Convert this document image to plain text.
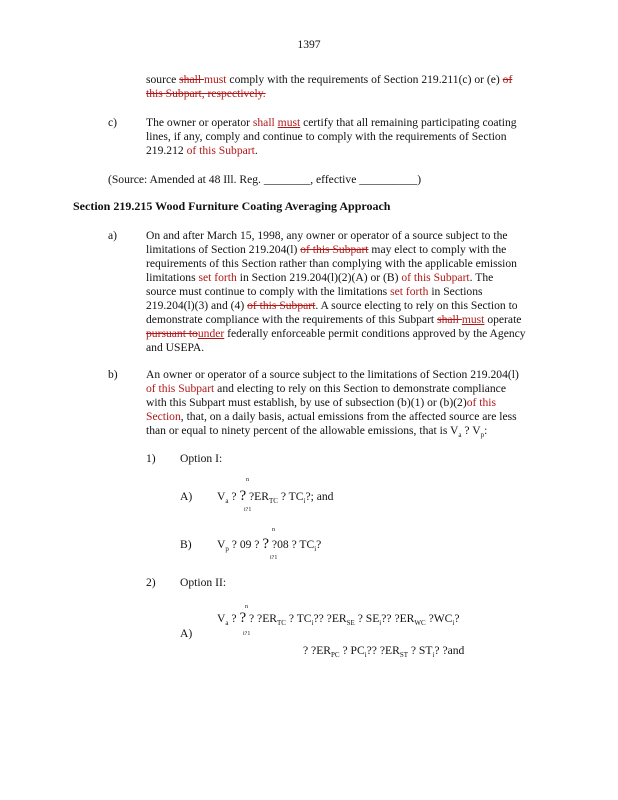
1397
source shall must comply with the requirements of Section 219.211(c) or (e) of
this Subpart, respectively.
c) The owner or operator shall must certify that all remaining participating coating
lines, if any, comply and continue to comply with the requirements of Section
219.212 of this Subpart.
(Source: Amended at 48 Ill. Reg. ________, effective __________)
Section 219.215 Wood Furniture Coating Averaging Approach
a) On and after March 15, 1998, any owner or operator of a source subject to the
limitations of Section 219.204(l) of this Subpart may elect to comply with the
requirements of this Section rather than complying with the applicable emission
limitations set forth in Section 219.204(l)(2)(A) or (B) of this Subpart. The
source must continue to comply with the limitations set forth in Sections
219.204(l)(3) and (4) of this Subpart. A source electing to rely on this Section to
demonstrate compliance with the requirements of this Subpart shall must operate
pursuant tounder federally enforceable permit conditions approved by the Agency
and USEPA.
b) An owner or operator of a source subject to the limitations of Section 219.204(l)
of this Subpart and electing to rely on this Section to demonstrate compliance
with this Subpart must establish, by use of subsection (b)(1) or (b)(2)of this
Section, that, on a daily basis, actual emissions from the affected source are less
than or equal to ninety percent of the allowable emissions, that is $V_a$ ? $V_p$:
1) Option I:
A)
n
i?1
$V_a$ ? ? $?ER_{TC}$ ? $TC_i$?; and
B)
n
i?1
$V_p$ ? 09 ? ? ?08 ? $TC_i$?
2) Option II:
A)
n
i?1
$V_a$ ? ? ? $?ER_{TC}$ ? $TC_i$?? $?ER_{SE}$ ? $SE_i$?? $?ER_{WC}$ $?WC_i$?
? $?ER_{PC}$ ? $PC_i$?? $?ER_{ST}$ ? $ST_i$? ?and
